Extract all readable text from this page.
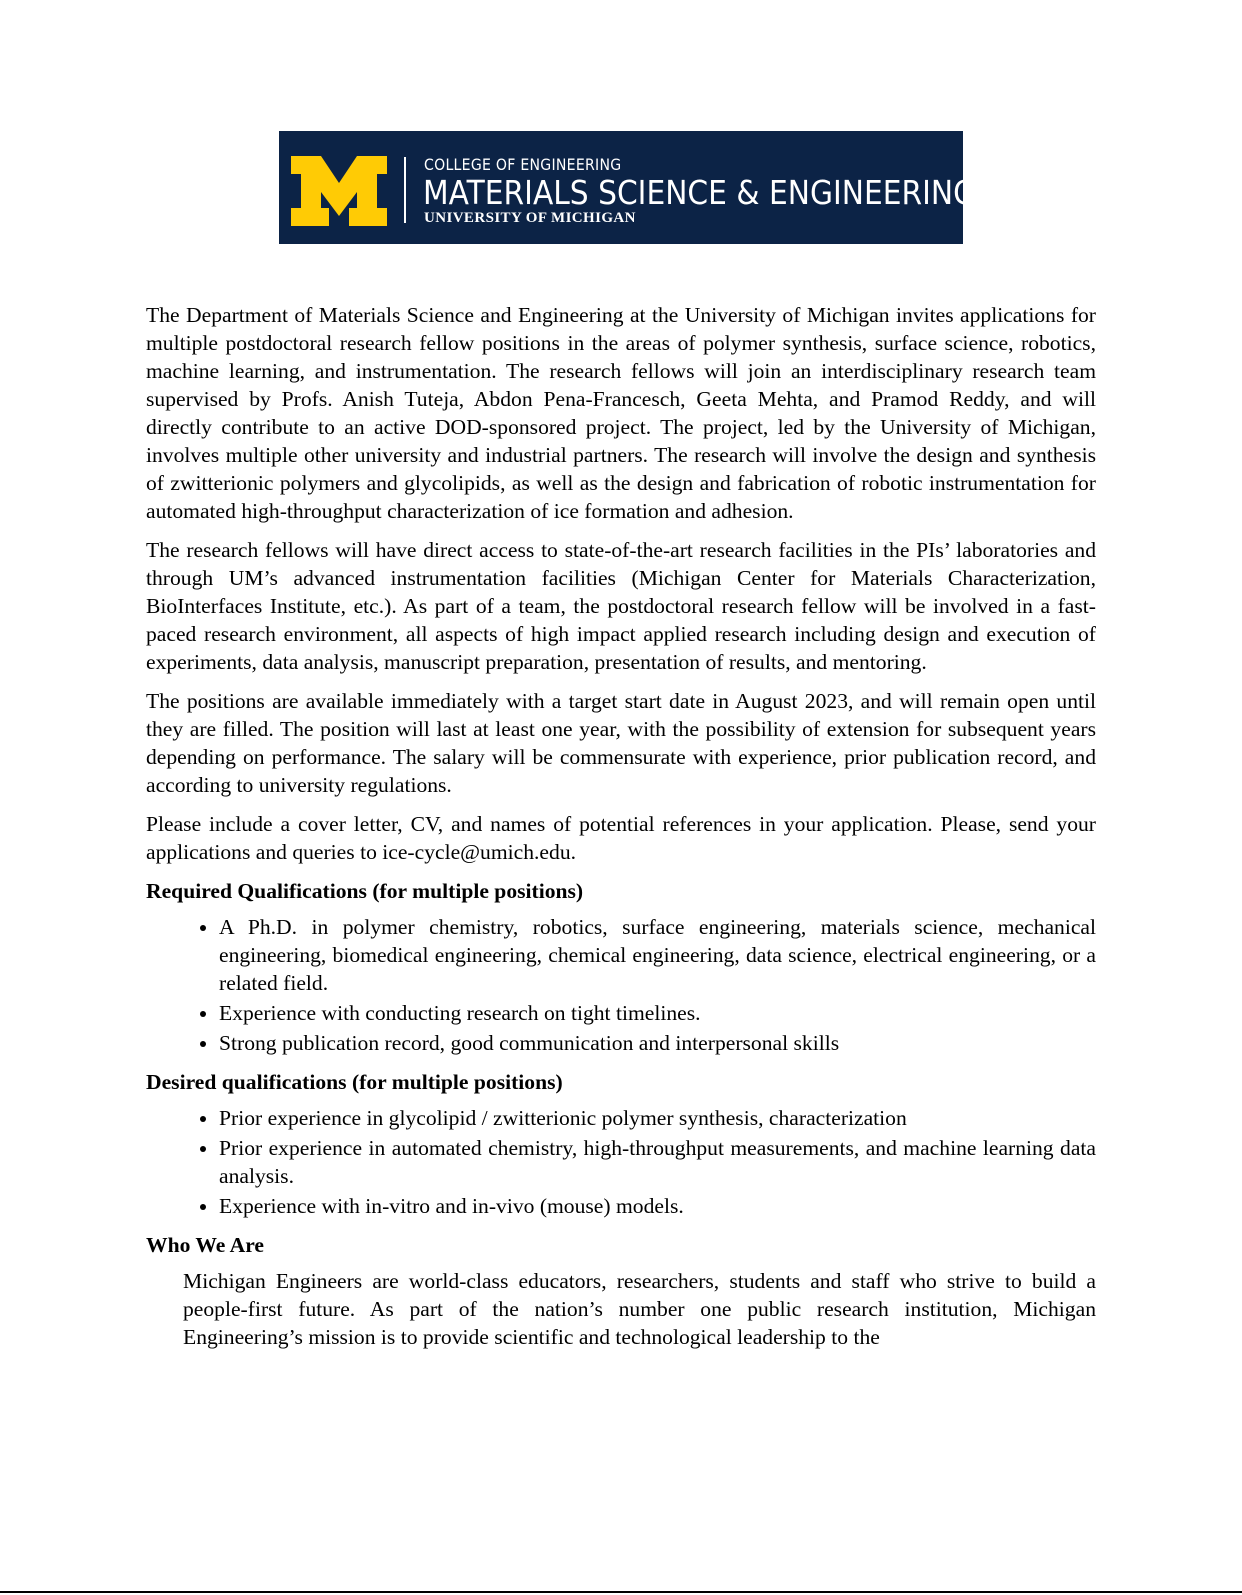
COLLEGE OF ENGINEERING
MATERIALS SCIENCE & ENGINEERING
UNIVERSITY OF MICHIGAN

The Department of Materials Science and Engineering at the University of Michigan invites applications for multiple postdoctoral research fellow positions in the areas of polymer synthesis, surface science, robotics, machine learning, and instrumentation. The research fellows will join an interdisciplinary research team supervised by Profs. Anish Tuteja, Abdon Pena-Francesch, Geeta Mehta, and Pramod Reddy, and will directly contribute to an active DOD-sponsored project. The project, led by the University of Michigan, involves multiple other university and industrial partners. The research will involve the design and synthesis of zwitterionic polymers and glycolipids, as well as the design and fabrication of robotic instrumentation for automated high-throughput characterization of ice formation and adhesion.

The research fellows will have direct access to state-of-the-art research facilities in the PIs’ laboratories and through UM’s advanced instrumentation facilities (Michigan Center for Materials Characterization, BioInterfaces Institute, etc.). As part of a team, the postdoctoral research fellow will be involved in a fast-paced research environment, all aspects of high impact applied research including design and execution of experiments, data analysis, manuscript preparation, presentation of results, and mentoring.

The positions are available immediately with a target start date in August 2023, and will remain open until they are filled. The position will last at least one year, with the possibility of extension for subsequent years depending on performance. The salary will be commensurate with experience, prior publication record, and according to university regulations.

Please include a cover letter, CV, and names of potential references in your application. Please, send your applications and queries to ice-cycle@umich.edu.

Required Qualifications (for multiple positions)
• A Ph.D. in polymer chemistry, robotics, surface engineering, materials science, mechanical engineering, biomedical engineering, chemical engineering, data science, electrical engineering, or a related field.
• Experience with conducting research on tight timelines.
• Strong publication record, good communication and interpersonal skills
Desired qualifications (for multiple positions)
• Prior experience in glycolipid / zwitterionic polymer synthesis, characterization
• Prior experience in automated chemistry, high-throughput measurements, and machine learning data analysis.
• Experience with in-vitro and in-vivo (mouse) models.
Who We Are

Michigan Engineers are world-class educators, researchers, students and staff who strive to build a people-first future. As part of the nation’s number one public research institution, Michigan Engineering’s mission is to provide scientific and technological leadership to the
